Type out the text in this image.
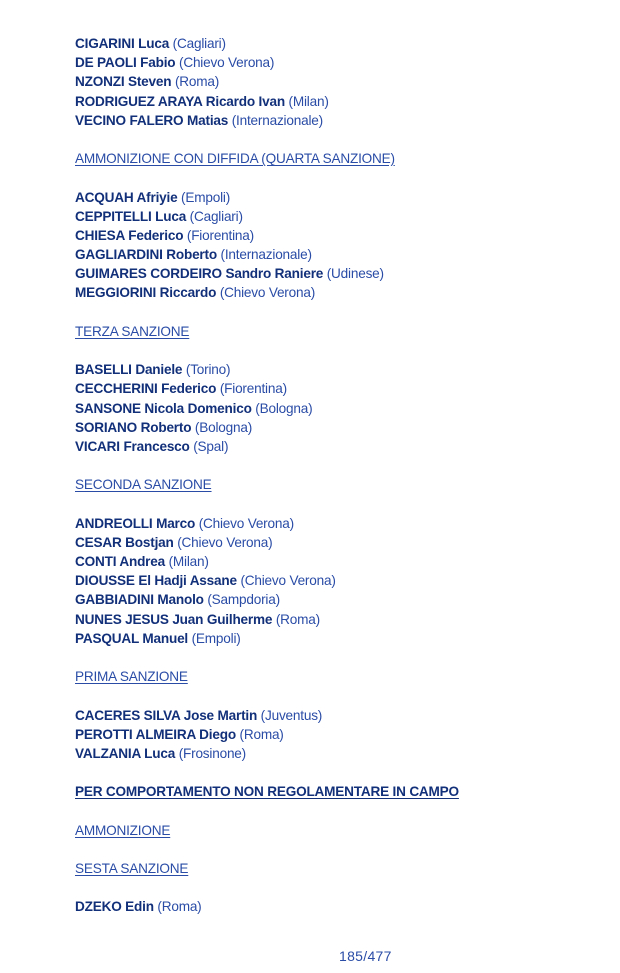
CIGARINI Luca (Cagliari)
DE PAOLI Fabio (Chievo Verona)
NZONZI Steven (Roma)
RODRIGUEZ ARAYA Ricardo Ivan (Milan)
VECINO FALERO Matias (Internazionale)
AMMONIZIONE CON DIFFIDA (QUARTA SANZIONE)
ACQUAH Afriyie (Empoli)
CEPPITELLI Luca (Cagliari)
CHIESA Federico (Fiorentina)
GAGLIARDINI Roberto (Internazionale)
GUIMARES CORDEIRO Sandro Raniere (Udinese)
MEGGIORINI Riccardo (Chievo Verona)
TERZA SANZIONE
BASELLI Daniele (Torino)
CECCHERINI Federico (Fiorentina)
SANSONE Nicola Domenico (Bologna)
SORIANO Roberto (Bologna)
VICARI Francesco (Spal)
SECONDA SANZIONE
ANDREOLLI Marco (Chievo Verona)
CESAR Bostjan (Chievo Verona)
CONTI Andrea (Milan)
DIOUSSE El Hadji Assane (Chievo Verona)
GABBIADINI Manolo (Sampdoria)
NUNES JESUS Juan Guilherme (Roma)
PASQUAL Manuel (Empoli)
PRIMA SANZIONE
CACERES SILVA Jose Martin (Juventus)
PEROTTI ALMEIRA Diego (Roma)
VALZANIA Luca (Frosinone)
PER COMPORTAMENTO NON REGOLAMENTARE IN CAMPO
AMMONIZIONE
SESTA SANZIONE
DZEKO Edin (Roma)
185/477
